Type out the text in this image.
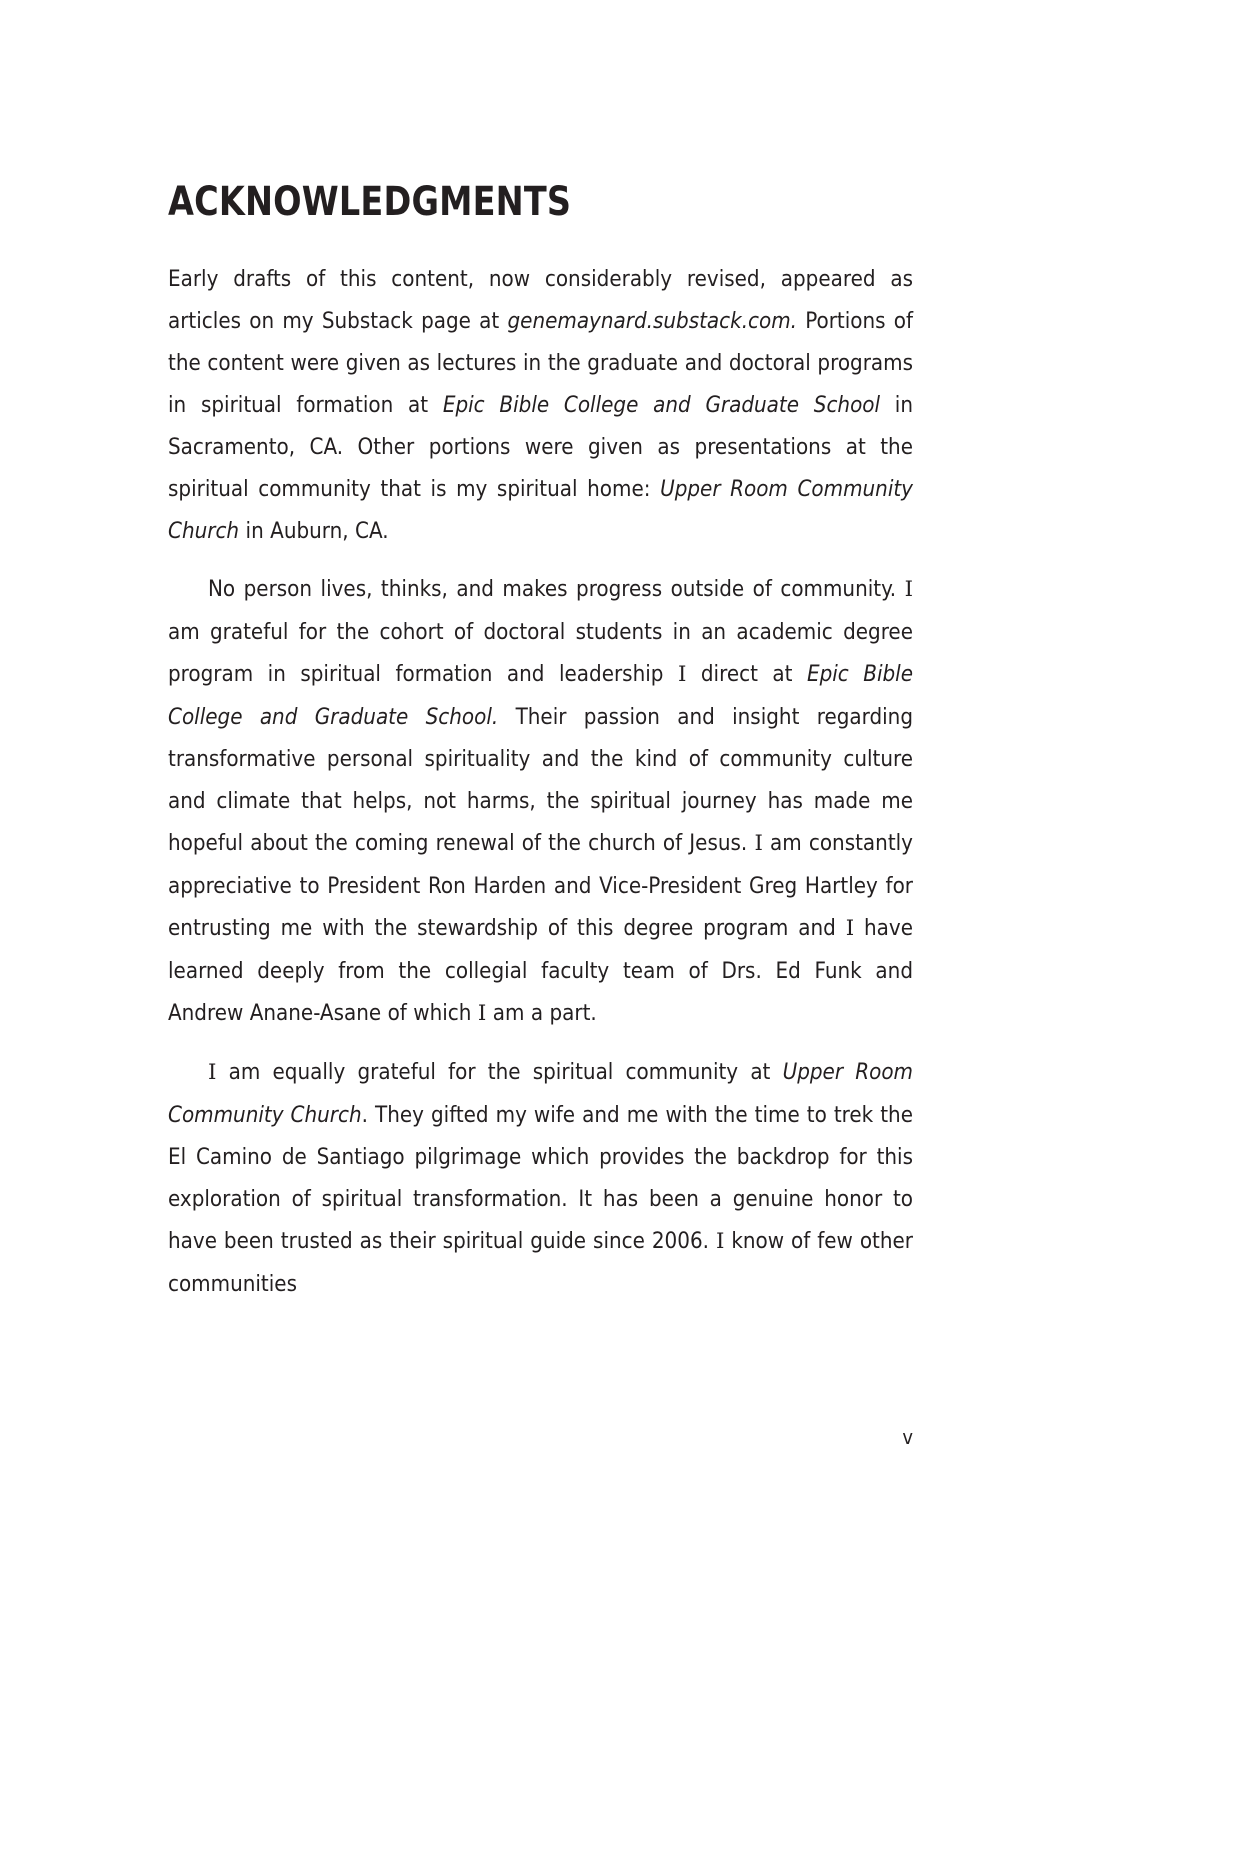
ACKNOWLEDGMENTS

Early drafts of this content, now considerably revised, appeared as articles on my Substack page at genemaynard.substack.com. Portions of the content were given as lectures in the graduate and doctoral programs in spiritual formation at Epic Bible College and Graduate School in Sacramento, CA. Other portions were given as presentations at the spiritual community that is my spiritual home: Upper Room Community Church in Auburn, CA.

No person lives, thinks, and makes progress outside of community. I am grateful for the cohort of doctoral students in an academic degree program in spiritual formation and leadership I direct at Epic Bible College and Graduate School. Their passion and insight regarding transformative personal spirituality and the kind of community culture and climate that helps, not harms, the spiritual journey has made me hopeful about the coming renewal of the church of Jesus. I am constantly appreciative to President Ron Harden and Vice-President Greg Hartley for entrusting me with the stewardship of this degree program and I have learned deeply from the collegial faculty team of Drs. Ed Funk and Andrew Anane-Asane of which I am a part.

I am equally grateful for the spiritual community at Upper Room Community Church. They gifted my wife and me with the time to trek the El Camino de Santiago pilgrimage which provides the backdrop for this exploration of spiritual transformation. It has been a genuine honor to have been trusted as their spiritual guide since 2006. I know of few other communities

v
